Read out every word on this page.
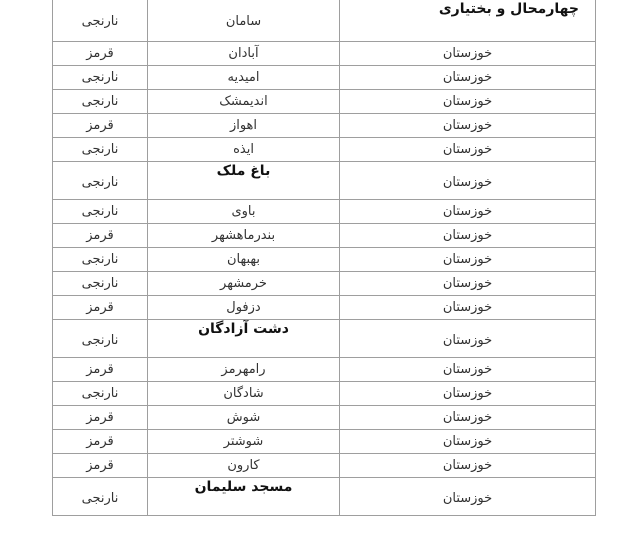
چهارمحال و بختیاری	سامان	نارنجی
خوزستان	آبادان	قرمز
خوزستان	امیدیه	نارنجی
خوزستان	اندیمشک	نارنجی
خوزستان	اهواز	قرمز
خوزستان	ایذه	نارنجی
خوزستان	باغ ملک	نارنجی
خوزستان	باوی	نارنجی
خوزستان	بندرماهشهر	قرمز
خوزستان	بهبهان	نارنجی
خوزستان	خرمشهر	نارنجی
خوزستان	دزفول	قرمز
خوزستان	دشت آزادگان	نارنجی
خوزستان	رامهرمز	قرمز
خوزستان	شادگان	نارنجی
خوزستان	شوش	قرمز
خوزستان	شوشتر	قرمز
خوزستان	کارون	قرمز
خوزستان	مسجد سلیمان	نارنجی
